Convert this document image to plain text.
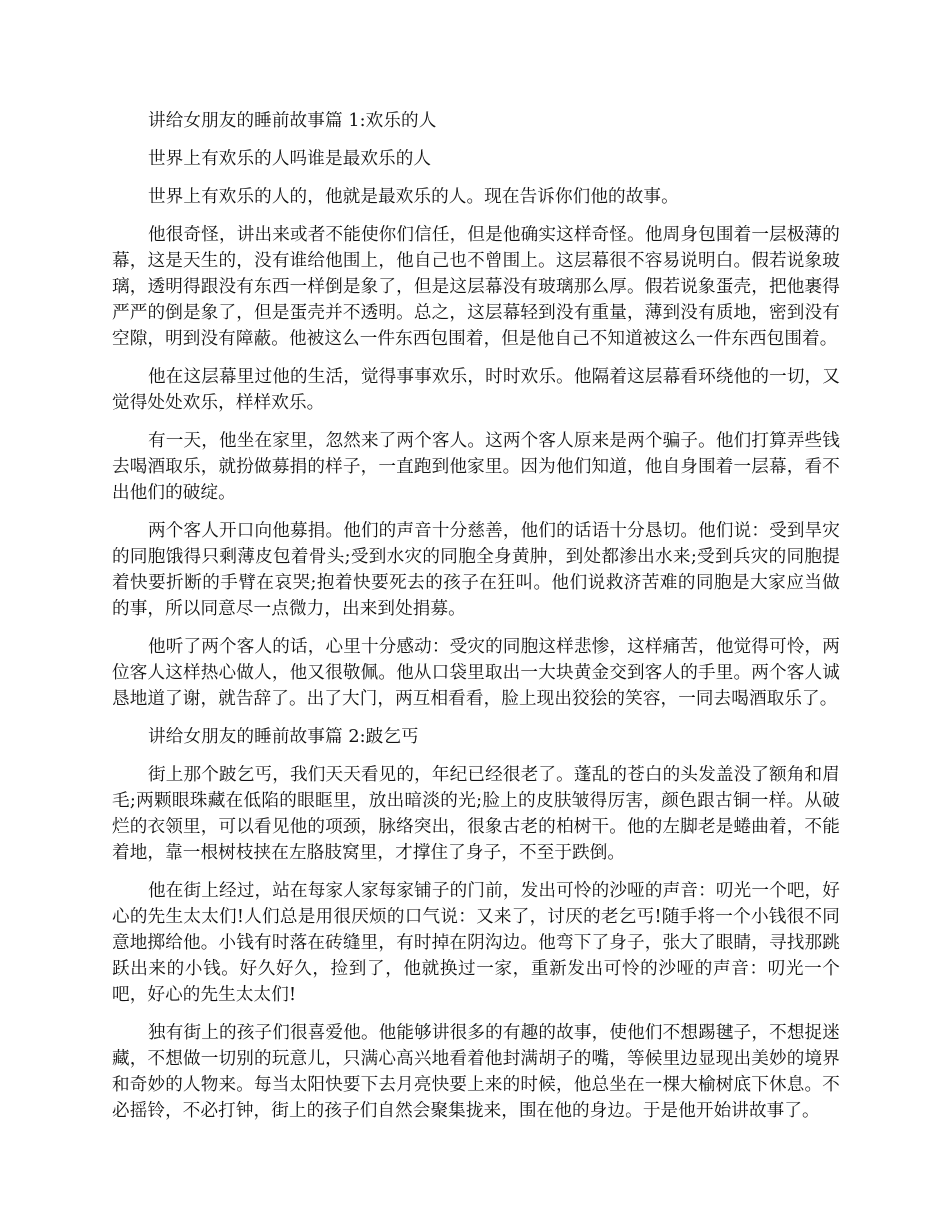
讲给女朋友的睡前故事篇 1:欢乐的人

世界上有欢乐的人吗谁是最欢乐的人

世界上有欢乐的人的，他就是最欢乐的人。现在告诉你们他的故事。

他很奇怪，讲出来或者不能使你们信任，但是他确实这样奇怪。他周身包围着一层极薄的幕，这是天生的，没有谁给他围上，他自己也不曾围上。这层幕很不容易说明白。假若说象玻璃，透明得跟没有东西一样倒是象了，但是这层幕没有玻璃那么厚。假若说象蛋壳，把他裹得严严的倒是象了，但是蛋壳并不透明。总之，这层幕轻到没有重量，薄到没有质地，密到没有空隙，明到没有障蔽。他被这么一件东西包围着，但是他自己不知道被这么一件东西包围着。

他在这层幕里过他的生活，觉得事事欢乐，时时欢乐。他隔着这层幕看环绕他的一切，又觉得处处欢乐，样样欢乐。

有一天，他坐在家里，忽然来了两个客人。这两个客人原来是两个骗子。他们打算弄些钱去喝酒取乐，就扮做募捐的样子，一直跑到他家里。因为他们知道，他自身围着一层幕，看不出他们的破绽。

两个客人开口向他募捐。他们的声音十分慈善，他们的话语十分恳切。他们说：受到旱灾的同胞饿得只剩薄皮包着骨头;受到水灾的同胞全身黄肿，到处都渗出水来;受到兵灾的同胞提着快要折断的手臂在哀哭;抱着快要死去的孩子在狂叫。他们说救济苦难的同胞是大家应当做的事，所以同意尽一点微力，出来到处捐募。

他听了两个客人的话，心里十分感动：受灾的同胞这样悲惨，这样痛苦，他觉得可怜，两位客人这样热心做人，他又很敬佩。他从口袋里取出一大块黄金交到客人的手里。两个客人诚恳地道了谢，就告辞了。出了大门，两互相看看，脸上现出狡狯的笑容，一同去喝酒取乐了。

讲给女朋友的睡前故事篇 2:跛乞丐

街上那个跛乞丐，我们天天看见的，年纪已经很老了。蓬乱的苍白的头发盖没了额角和眉毛;两颗眼珠藏在低陷的眼眶里，放出暗淡的光;脸上的皮肤皱得厉害，颜色跟古铜一样。从破烂的衣领里，可以看见他的项颈，脉络突出，很象古老的柏树干。他的左脚老是蜷曲着，不能着地，靠一根树枝挟在左胳肢窝里，才撑住了身子，不至于跌倒。

他在街上经过，站在每家人家每家铺子的门前，发出可怜的沙哑的声音：叨光一个吧，好心的先生太太们!人们总是用很厌烦的口气说：又来了，讨厌的老乞丐!随手将一个小钱很不同意地掷给他。小钱有时落在砖缝里，有时掉在阴沟边。他弯下了身子，张大了眼睛，寻找那跳跃出来的小钱。好久好久，捡到了，他就换过一家，重新发出可怜的沙哑的声音：叨光一个吧，好心的先生太太们!

独有街上的孩子们很喜爱他。他能够讲很多的有趣的故事，使他们不想踢毽子，不想捉迷藏，不想做一切别的玩意儿，只满心高兴地看着他封满胡子的嘴，等候里边显现出美妙的境界和奇妙的人物来。每当太阳快要下去月亮快要上来的时候，他总坐在一棵大榆树底下休息。不必摇铃，不必打钟，街上的孩子们自然会聚集拢来，围在他的身边。于是他开始讲故事了。
